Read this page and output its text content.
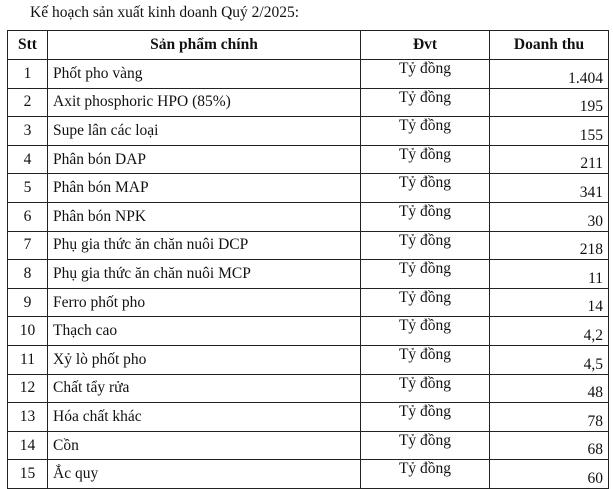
Kế hoạch sản xuất kinh doanh Quý 2/2025:
Stt	Sản phẩm chính	Đvt	Doanh thu
1	Phốt pho vàng	Tỷ đồng	1.404
2	Axit phosphoric HPO (85%)	Tỷ đồng	195
3	Supe lân các loại	Tỷ đồng	155
4	Phân bón DAP	Tỷ đồng	211
5	Phân bón MAP	Tỷ đồng	341
6	Phân bón NPK	Tỷ đồng	30
7	Phụ gia thức ăn chăn nuôi DCP	Tỷ đồng	218
8	Phụ gia thức ăn chăn nuôi MCP	Tỷ đồng	11
9	Ferro phốt pho	Tỷ đồng	14
10	Thạch cao	Tỷ đồng	4,2
11	Xỷ lò phốt pho	Tỷ đồng	4,5
12	Chất tẩy rửa	Tỷ đồng	48
13	Hóa chất khác	Tỷ đồng	78
14	Cồn	Tỷ đồng	68
15	Ắc quy	Tỷ đồng	60
